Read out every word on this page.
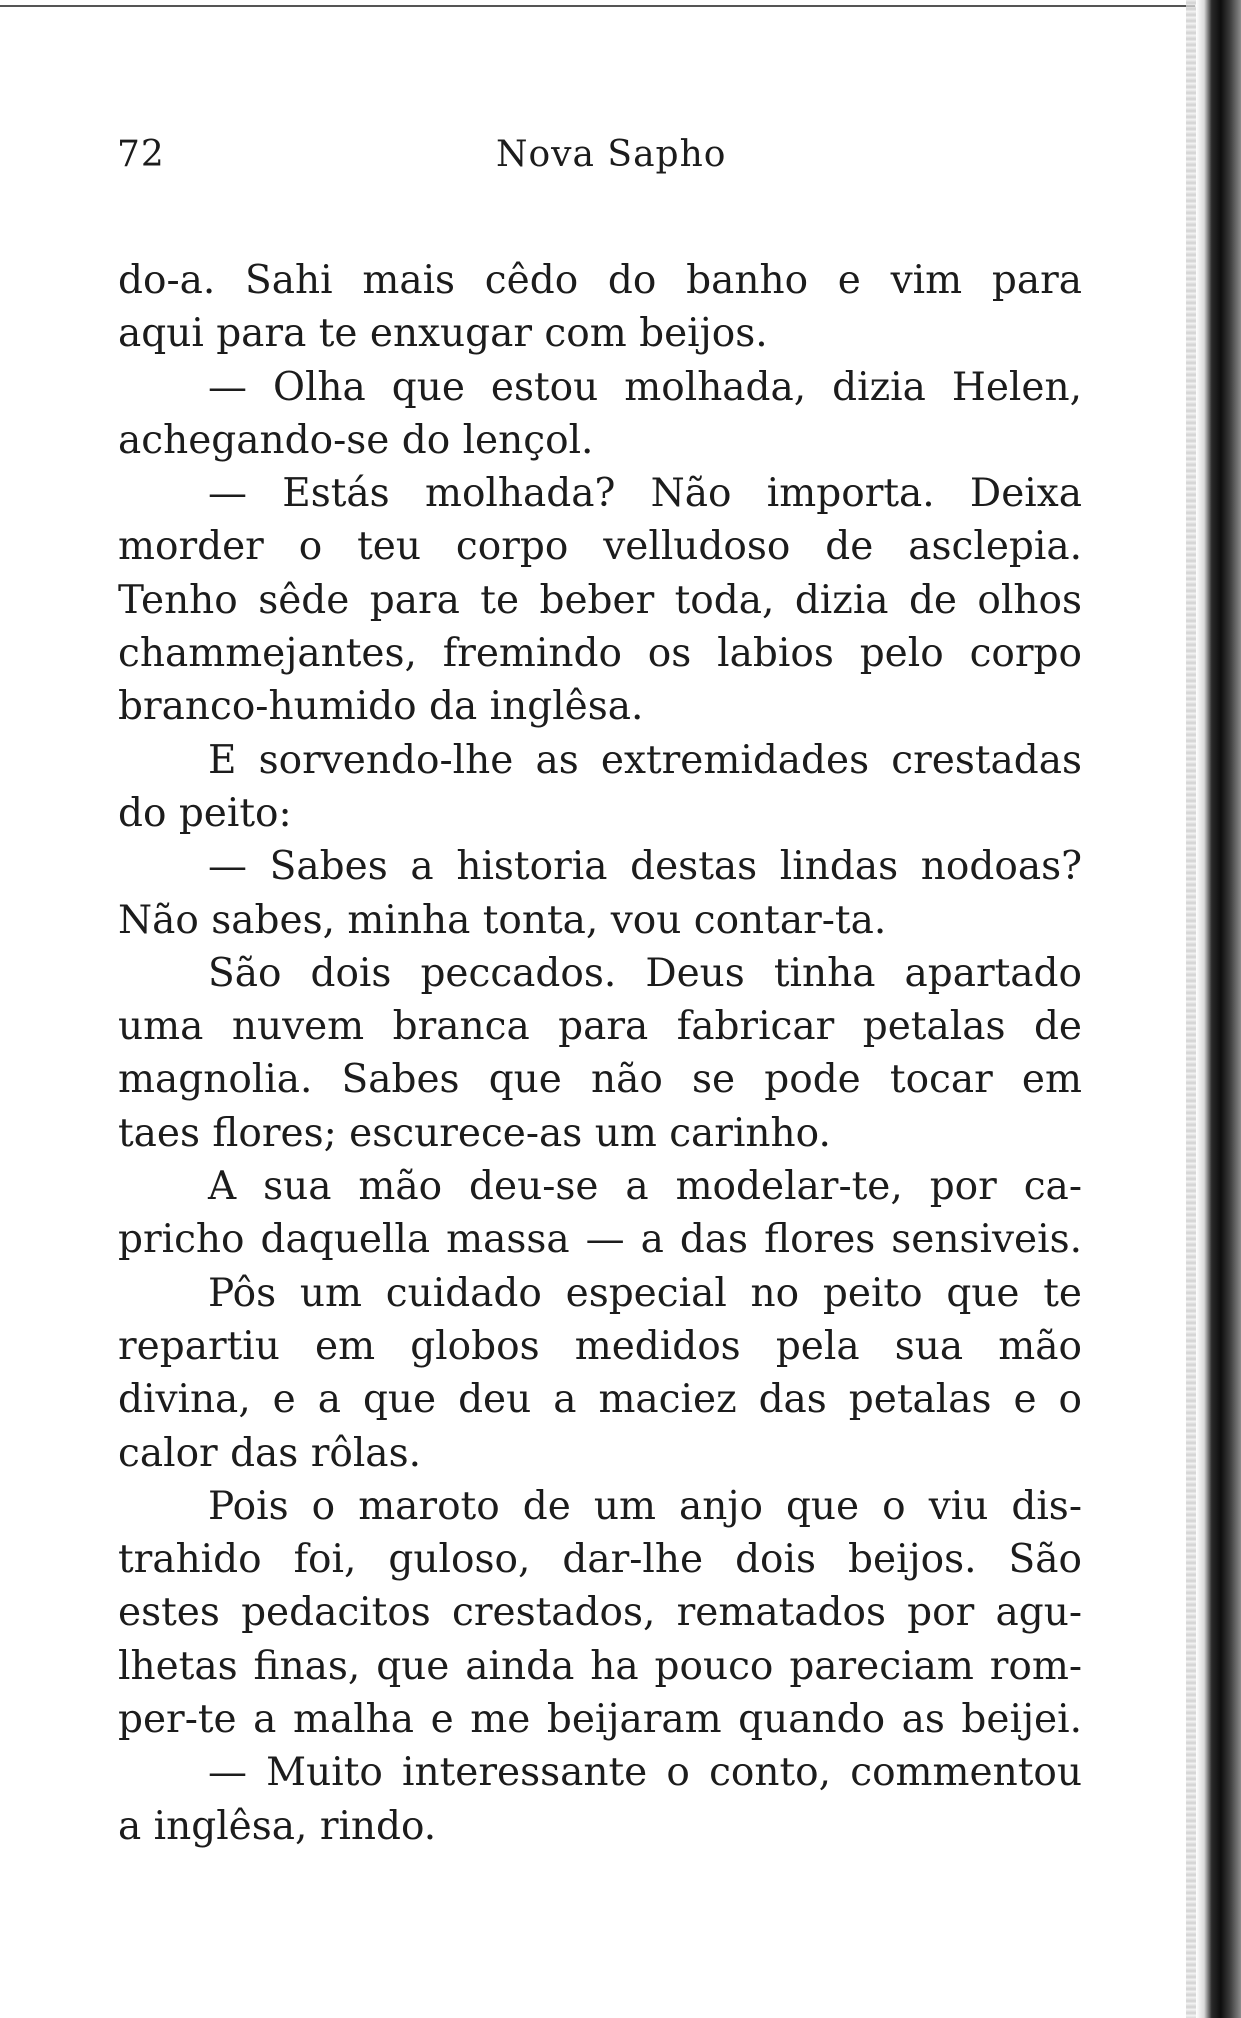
72	Nova Sapho
do-a. Sahi mais cêdo do banho e vim para
aqui para te enxugar com beijos.
— Olha que estou molhada, dizia Helen,
achegando-se do lençol.
— Estás molhada? Não importa. Deixa
morder o teu corpo velludoso de asclepia.
Tenho sêde para te beber toda, dizia de olhos
chammejantes, fremindo os labios pelo corpo
branco-humido da inglêsa.
E sorvendo-lhe as extremidades crestadas
do peito:
— Sabes a historia destas lindas nodoas?
Não sabes, minha tonta, vou contar-ta.
São dois peccados. Deus tinha apartado
uma nuvem branca para fabricar petalas de
magnolia. Sabes que não se pode tocar em
taes flores; escurece-as um carinho.
A sua mão deu-se a modelar-te, por ca-
pricho daquella massa — a das flores sensiveis.
Pôs um cuidado especial no peito que te
repartiu em globos medidos pela sua mão
divina, e a que deu a maciez das petalas e o
calor das rôlas.
Pois o maroto de um anjo que o viu dis-
trahido foi, guloso, dar-lhe dois beijos. São
estes pedacitos crestados, rematados por agu-
lhetas finas, que ainda ha pouco pareciam rom-
per-te a malha e me beijaram quando as beijei.
— Muito interessante o conto, commentou
a inglêsa, rindo.
